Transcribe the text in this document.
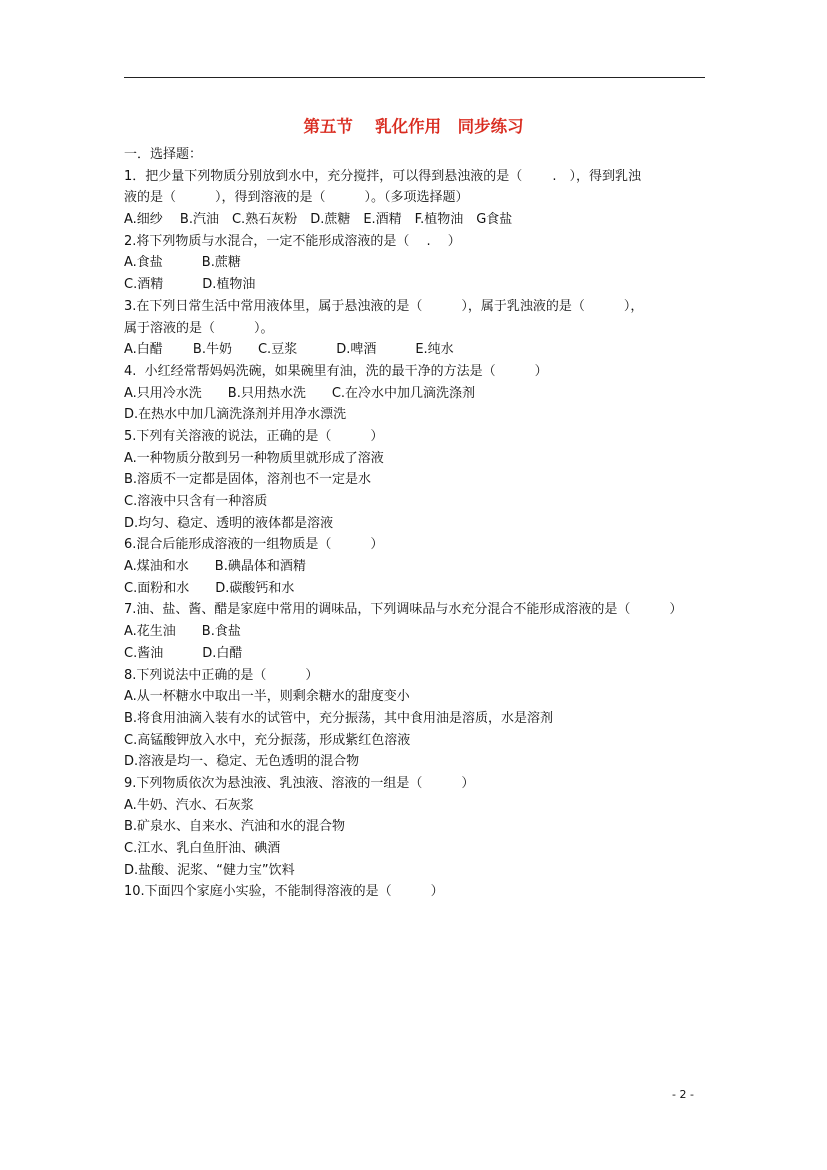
第五节　 乳化作用　同步练习
一．选择题：
1．把少量下列物质分别放到水中，充分搅拌，可以得到悬浊液的是（　　 .　），得到乳浊
液的是（　　　），得到溶液的是（　　　）。（多项选择题）
A.细纱　 B.汽油　C.熟石灰粉　D.蔗糖　E.酒精　F.植物油　G食盐
2.将下列物质与水混合，一定不能形成溶液的是（　 .　 ）
A.食盐　　　B.蔗糖
C.酒精　　　D.植物油
3.在下列日常生活中常用液体里，属于悬浊液的是（　　　），属于乳浊液的是（　　　），
属于溶液的是（　　　）。
A.白醋　　 B.牛奶　　C.豆浆　　　D.啤酒　　　E.纯水
4.  小红经常帮妈妈洗碗，如果碗里有油，洗的最干净的方法是（　　　）
A.只用冷水洗　　B.只用热水洗　　C.在冷水中加几滴洗涤剂
D.在热水中加几滴洗涤剂并用净水漂洗
5.下列有关溶液的说法，正确的是（　　　）
A.一种物质分散到另一种物质里就形成了溶液
B.溶质不一定都是固体，溶剂也不一定是水
C.溶液中只含有一种溶质
D.均匀、稳定、透明的液体都是溶液
6.混合后能形成溶液的一组物质是（　　　）
A.煤油和水　　B.碘晶体和酒精
C.面粉和水　　D.碳酸钙和水
7.油、盐、酱、醋是家庭中常用的调味品，下列调味品与水充分混合不能形成溶液的是（　　　）
A.花生油　　B.食盐
C.酱油　　　D.白醋
8.下列说法中正确的是（　　　）
A.从一杯糖水中取出一半，则剩余糖水的甜度变小
B.将食用油滴入装有水的试管中，充分振荡，其中食用油是溶质，水是溶剂
C.高锰酸钾放入水中，充分振荡，形成紫红色溶液
D.溶液是均一、稳定、无色透明的混合物
9.下列物质依次为悬浊液、乳浊液、溶液的一组是（　　　）
A.牛奶、汽水、石灰浆
B.矿泉水、自来水、汽油和水的混合物
C.江水、乳白鱼肝油、碘酒
D.盐酸、泥浆、“健力宝”饮料
10.下面四个家庭小实验，不能制得溶液的是（　　　）
- 2 -
